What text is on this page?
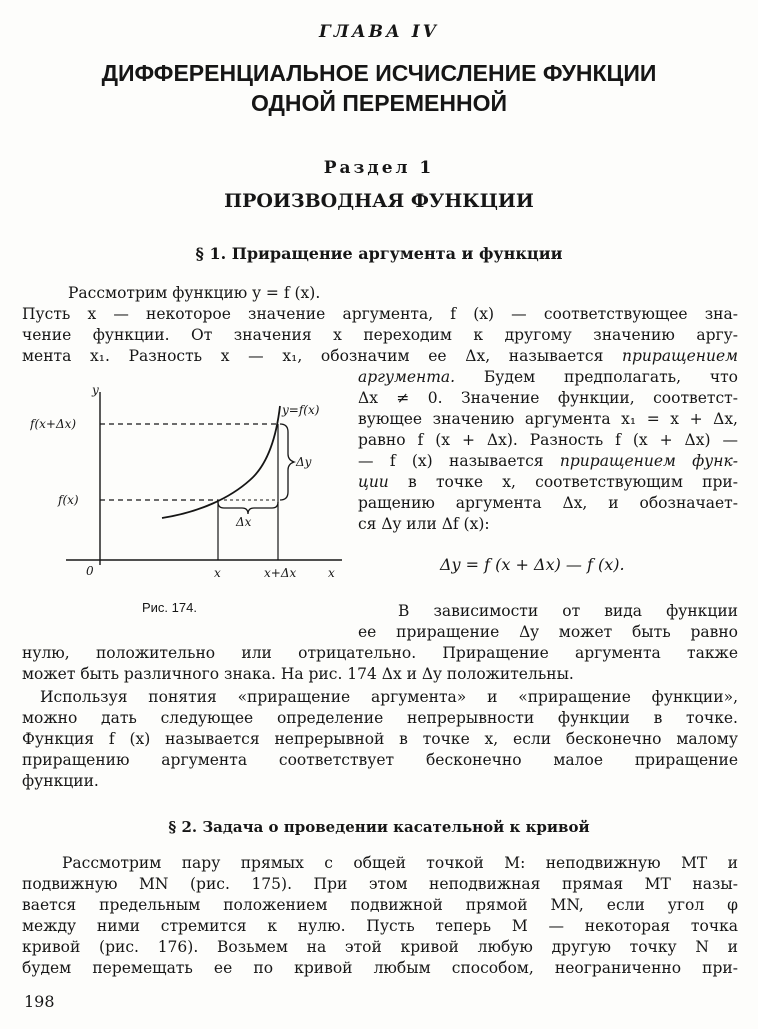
ГЛАВА IV
ДИФФЕРЕНЦИАЛЬНОЕ ИСЧИСЛЕНИЕ ФУНКЦИИ
ОДНОЙ ПЕРЕМЕННОЙ
Раздел 1
ПРОИЗВОДНАЯ ФУНКЦИИ
§ 1. Приращение аргумента и функции
Рассмотрим функцию y = f (x).
Пусть x — некоторое значение аргумента, f (x) — соответствующее зна-
чение функции. От значения x переходим к другому значению аргу-
мента x₁. Разность x — x₁, обозначим ее Δx, называется приращением
аргумента. Будем предполагать, что
Δx ≠ 0. Значение функции, соответст-
вующее значению аргумента x₁ = x + Δx,
равно f (x + Δx). Разность f (x + Δx) —
— f (x) называется приращением функ-
ции в точке x, соответствующим при-
ращению аргумента Δx, и обозначает-
ся Δy или Δf (x):
Δy = f (x + Δx) — f (x).
y
f(x+Δx)
f(x)
y=f(x)
Δy
Δx
0	x	x+Δx	x
Рис. 174.	В зависимости от вида функции
ее приращение Δy может быть равно
нулю, положительно или отрицательно. Приращение аргумента также
может быть различного знака. На рис. 174 Δx и Δy положительны.
Используя понятия «приращение аргумента» и «приращение функции»,
можно дать следующее определение непрерывности функции в точке.
Функция f (x) называется непрерывной в точке x, если бесконечно малому
приращению аргумента соответствует бесконечно малое приращение
функции.
§ 2. Задача о проведении касательной к кривой
Рассмотрим пару прямых с общей точкой M: неподвижную MT и
подвижную MN (рис. 175). При этом неподвижная прямая MT назы-
вается предельным положением подвижной прямой MN, если угол φ
между ними стремится к нулю. Пусть теперь M — некоторая точка
кривой (рис. 176). Возьмем на этой кривой любую другую точку N и
будем перемещать ее по кривой любым способом, неограниченно при-
198
